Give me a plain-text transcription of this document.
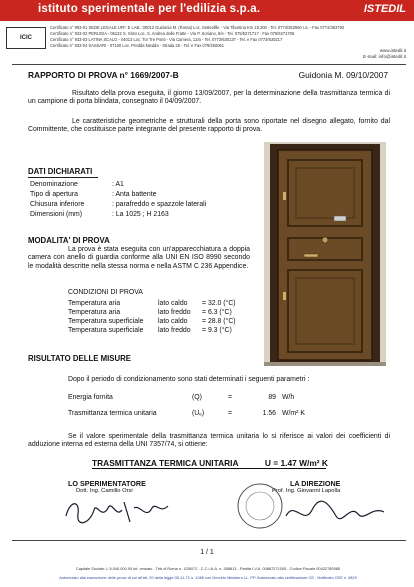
istituto sperimentale per l'edilizia s.p.a.	ISTEDIL
ICIC
Certificato n° 993-01 SEDE LEGALE UFF. E LAB.: 00012 Guidonia M. (Roma) Loc. Settevillle - Via Tiburtina Km 18,300 - Tel. 0774/353560 r.a. - Fax 0774/353792
Certificato n° 933-02 PERUGIA - 06132 S. Sisto Loc. S. Andrea delle Fratte - Via P. Soriano, 8/e - Tel. 075/5271717 - Fax 075/5271705
Certificato n° 933-03 LATINA SCALO - 04013 Loc. Tor Tre Ponti - Via Camera, 12/a - Tel. 0773/630137 - Tel. e Fax 0773/630217
Certificato n° 933-04 SASSARI - 07100 Loc. Predda Niedda - Strada 25 - Tel. e Fax 079/260061
www.istedil.it
E-mail: info@istedil.it
RAPPORTO DI PROVA n° 1669/2007-B	Guidonia M. 09/10/2007
Risultato della prova eseguita, il giorno 13/09/2007, per la determinazione della trasmittanza termica di un campione di porta blindata, consegnato il 04/09/2007.
Le caratteristiche geometriche e strutturali della porta sono riportate nel disegno allegato, fornito dal Committente, che costituisce parte integrante del presente rapporto di prova.
DATI DICHIARATI
Denominazione	: A1
Tipo di apertura	: Anta battente
Chiusura inferiore	: parafreddo e spazzole laterali
Dimensioni (mm)	: La 1025 ; H 2163
MODALITA' DI PROVA
La prova è stata eseguita con un'apparecchiatura a doppia camera con anello di guardia conforme alla UNI EN ISO 8990 secondo le modalità descritte nella stessa norma e nella ASTM C 236 Appendice.
CONDIZIONI DI PROVA
Temperatura aria	lato caldo = 32.0 (°C)
Temperatura aria	lato freddo = 6.3 (°C)
Temperatura superficiale lato caldo = 28.8 (°C)
Temperatura superficiale lato freddo = 9.3 (°C)
RISULTATO DELLE MISURE
Dopo il periodo di condizionamento sono stati determinati i seguenti parametri :
Energia fornita	(Q)	=	89 W/h
Trasmittanza termica unitaria	(Uₑ)	=	1.56 W/m² K
Se il valore sperimentale della trasmittanza termica unitaria lo si riferisce ai valori dei coefficienti di adduzione interna ed esterna della UNI 7357/74, si ottiene:
TRASMITTANZA TERMICA UNITARIA	U = 1.47 W/m² K
LO SPERIMENTATORE
Dott. Ing. Camillo Orsi
LA DIREZIONE
Prof. Ing. Giovanni Lapolla
1 / 1
Capitale Sociale: L.5.040.000.00 int. versato - Trib.di Roma n. 1256/72 - C.C.I.A.A. n. 358813 - Partita I.V.A. 00887271005 - Codice Fiscale 00422780585
Autorizzato alla esecuzione delle prove di cui all'art. 20 della legge 05-11-71 n. 1086 con Decreto Ministero LL. PP. Autorizzato alla certificazione CE - Notificato CEE n. 0829
